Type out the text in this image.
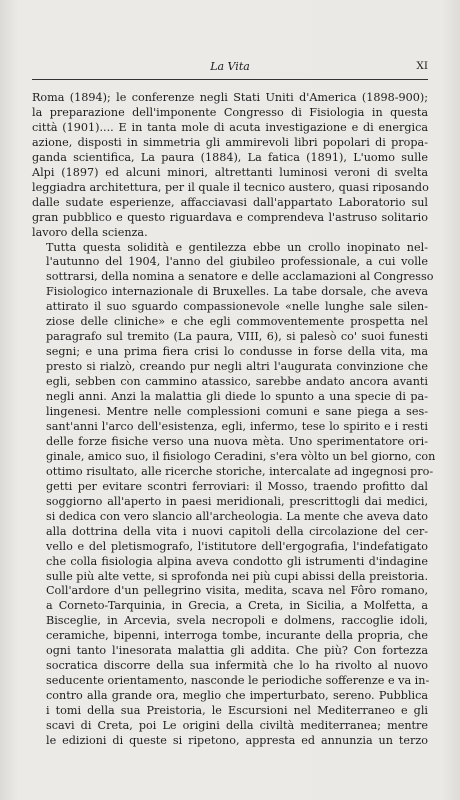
La Vita	XI

Roma (1894); le conferenze negli Stati Uniti d'America (1898-900);
la preparazione dell'imponente Congresso di Fisiologia in questa
città (1901).... E in tanta mole di acuta investigazione e di energica
azione, disposti in simmetria gli ammirevoli libri popolari di propa-
ganda scientifica, La paura (1884), La fatica (1891), L'uomo sulle
Alpi (1897) ed alcuni minori, altrettanti luminosi veroni di svelta
leggiadra architettura, per il quale il tecnico austero, quasi riposando
dalle sudate esperienze, affacciavasi dall'appartato Laboratorio sul
gran pubblico e questo riguardava e comprendeva l'astruso solitario
lavoro della scienza.

Tutta questa solidità e gentilezza ebbe un crollo inopinato nel-
l'autunno del 1904, l'anno del giubileo professionale, a cui volle
sottrarsi, della nomina a senatore e delle acclamazioni al Congresso
Fisiologico internazionale di Bruxelles. La tabe dorsale, che aveva
attirato il suo sguardo compassionevole «nelle lunghe sale silen-
ziose delle cliniche» e che egli commoventemente prospetta nel
paragrafo sul tremito (La paura, VIII, 6), si palesò co' suoi funesti
segni; e una prima fiera crisi lo condusse in forse della vita, ma
presto si rialzò, creando pur negli altri l'augurata convinzione che
egli, sebben con cammino atassico, sarebbe andato ancora avanti
negli anni. Anzi la malattia gli diede lo spunto a una specie di pa-
lingenesi. Mentre nelle complessioni comuni e sane piega a ses-
sant'anni l'arco dell'esistenza, egli, infermo, tese lo spirito e i resti
delle forze fisiche verso una nuova mèta. Uno sperimentatore ori-
ginale, amico suo, il fisiologo Ceradini, s'era vòlto un bel giorno, con
ottimo risultato, alle ricerche storiche, intercalate ad ingegnosi pro-
getti per evitare scontri ferroviari: il Mosso, traendo profitto dal
soggiorno all'aperto in paesi meridionali, prescrittogli dai medici,
si dedica con vero slancio all'archeologia. La mente che aveva dato
alla dottrina della vita i nuovi capitoli della circolazione del cer-
vello e del pletismografo, l'istitutore dell'ergografia, l'indefatigato
che colla fisiologia alpina aveva condotto gli istrumenti d'indagine
sulle più alte vette, si sprofonda nei più cupi abissi della preistoria.
Coll'ardore d'un pellegrino visita, medita, scava nel Fôro romano,
a Corneto-Tarquinia, in Grecia, a Creta, in Sicilia, a Molfetta, a
Bisceglie, in Arcevia, svela necropoli e dolmens, raccoglie idoli,
ceramiche, bipenni, interroga tombe, incurante della propria, che
ogni tanto l'inesorata malattia gli addita. Che più? Con fortezza
socratica discorre della sua infermità che lo ha rivolto al nuovo
seducente orientamento, nasconde le periodiche sofferenze e va in-
contro alla grande ora, meglio che imperturbato, sereno. Pubblica
i tomi della sua Preistoria, le Escursioni nel Mediterraneo e gli
scavi di Creta, poi Le origini della civiltà mediterranea; mentre
le edizioni di queste si ripetono, appresta ed annunzia un terzo
